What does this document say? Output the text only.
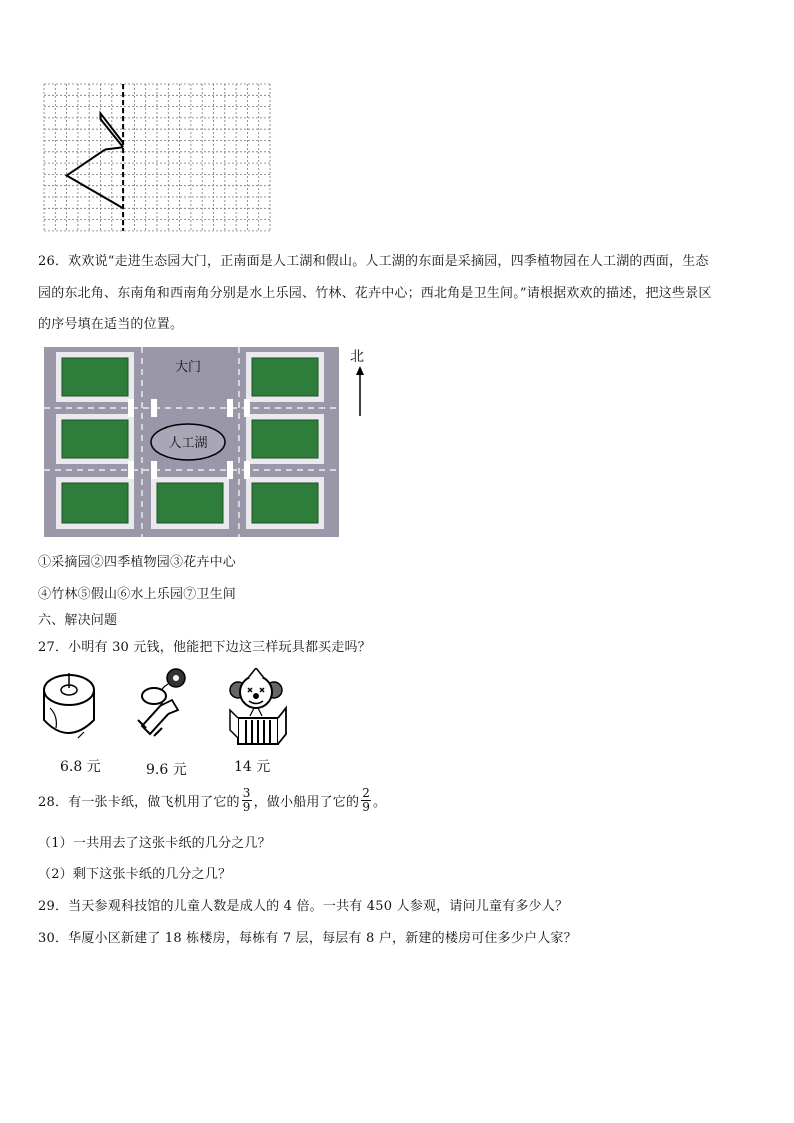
26．欢欢说“走进生态园大门，正南面是人工湖和假山。人工湖的东面是采摘园，四季植物园在人工湖的西面，生态
园的东北角、东南角和西南角分别是水上乐园、竹林、花卉中心；西北角是卫生间。”请根据欢欢的描述，把这些景区
的序号填在适当的位置。
人工湖
大门
北
①采摘园②四季植物园③花卉中心
④竹林⑤假山⑥水上乐园⑦卫生间
六、解决问题
27．小明有 30 元钱，他能把下边这三样玩具都买走吗？
6.8 元	9.6 元	14 元
28．有一张卡纸，做飞机用了它的 $\frac{3}{9}$ ，做小船用了它的 $\frac{2}{9}$ 。
（1）一共用去了这张卡纸的几分之几？
（2）剩下这张卡纸的几分之几？
29．当天参观科技馆的儿童人数是成人的 4 倍。一共有 450 人参观，请问儿童有多少人？
30．华厦小区新建了 18 栋楼房，每栋有 7 层，每层有 8 户，新建的楼房可住多少户人家？
